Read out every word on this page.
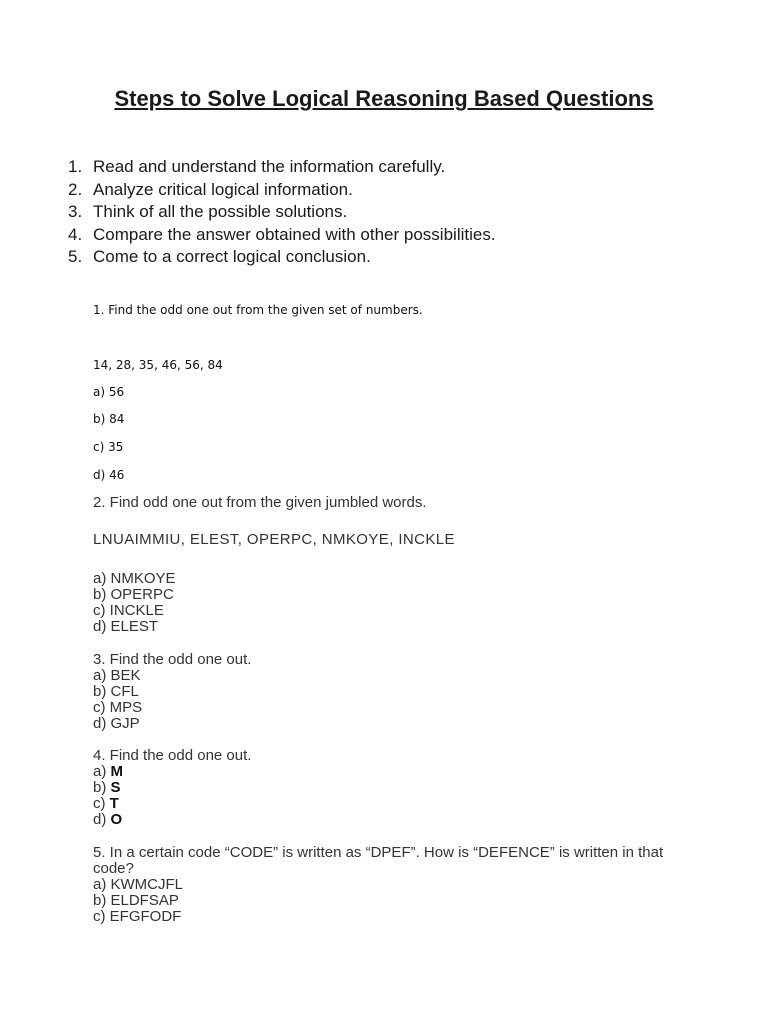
Steps to Solve Logical Reasoning Based Questions
1. Read and understand the information carefully.
2. Analyze critical logical information.
3. Think of all the possible solutions.
4. Compare the answer obtained with other possibilities.
5. Come to a correct logical conclusion.
1. Find the odd one out from the given set of numbers.
14, 28, 35, 46, 56, 84
a) 56
b) 84
c) 35
d) 46
2. Find odd one out from the given jumbled words.
LNUAIMMIU, ELEST, OPERPC, NMKOYE, INCKLE
a) NMKOYE
b) OPERPC
c) INCKLE
d) ELEST
3. Find the odd one out.
a) BEK
b) CFL
c) MPS
d) GJP
4. Find the odd one out.
a) M
b) S
c) T
d) O
5. In a certain code “CODE” is written as “DPEF”. How is “DEFENCE” is written in that code?
a) KWMCJFL
b) ELDFSAP
c) EFGFODF
